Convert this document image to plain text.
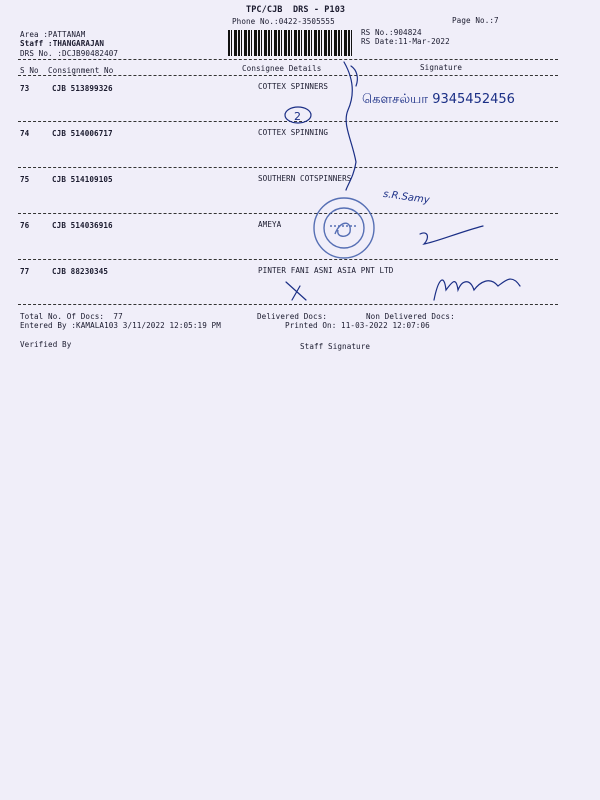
TPC/CJB  DRS - P103
Phone No.:0422-3505555	Page No.:7
Area :PATTANAM
Staff :THANGARAJAN
DRS No. :DCJB90482407
RS No.:904824
RS Date:11-Mar-2022
S No Consignment No	Consignee Details	Signature
73	CJB 513899326	COTTEX SPINNERS
74	CJB 514006717	COTTEX SPINNING
75	CJB 514109105	SOUTHERN COTSPINNERS
76	CJB 514036916	AMEYA
77	CJB 88230345	PINTER FANI ASNI ASIA PNT LTD
Total No. Of Docs:  77	Delivered Docs:	Non Delivered Docs:
Entered By :KAMALA103 3/11/2022 12:05:19 PM	Printed On: 11-03-2022 12:07:06
Verified By	Staff Signature
2
கௌசல்யா 9345452456
s.R.Samy
